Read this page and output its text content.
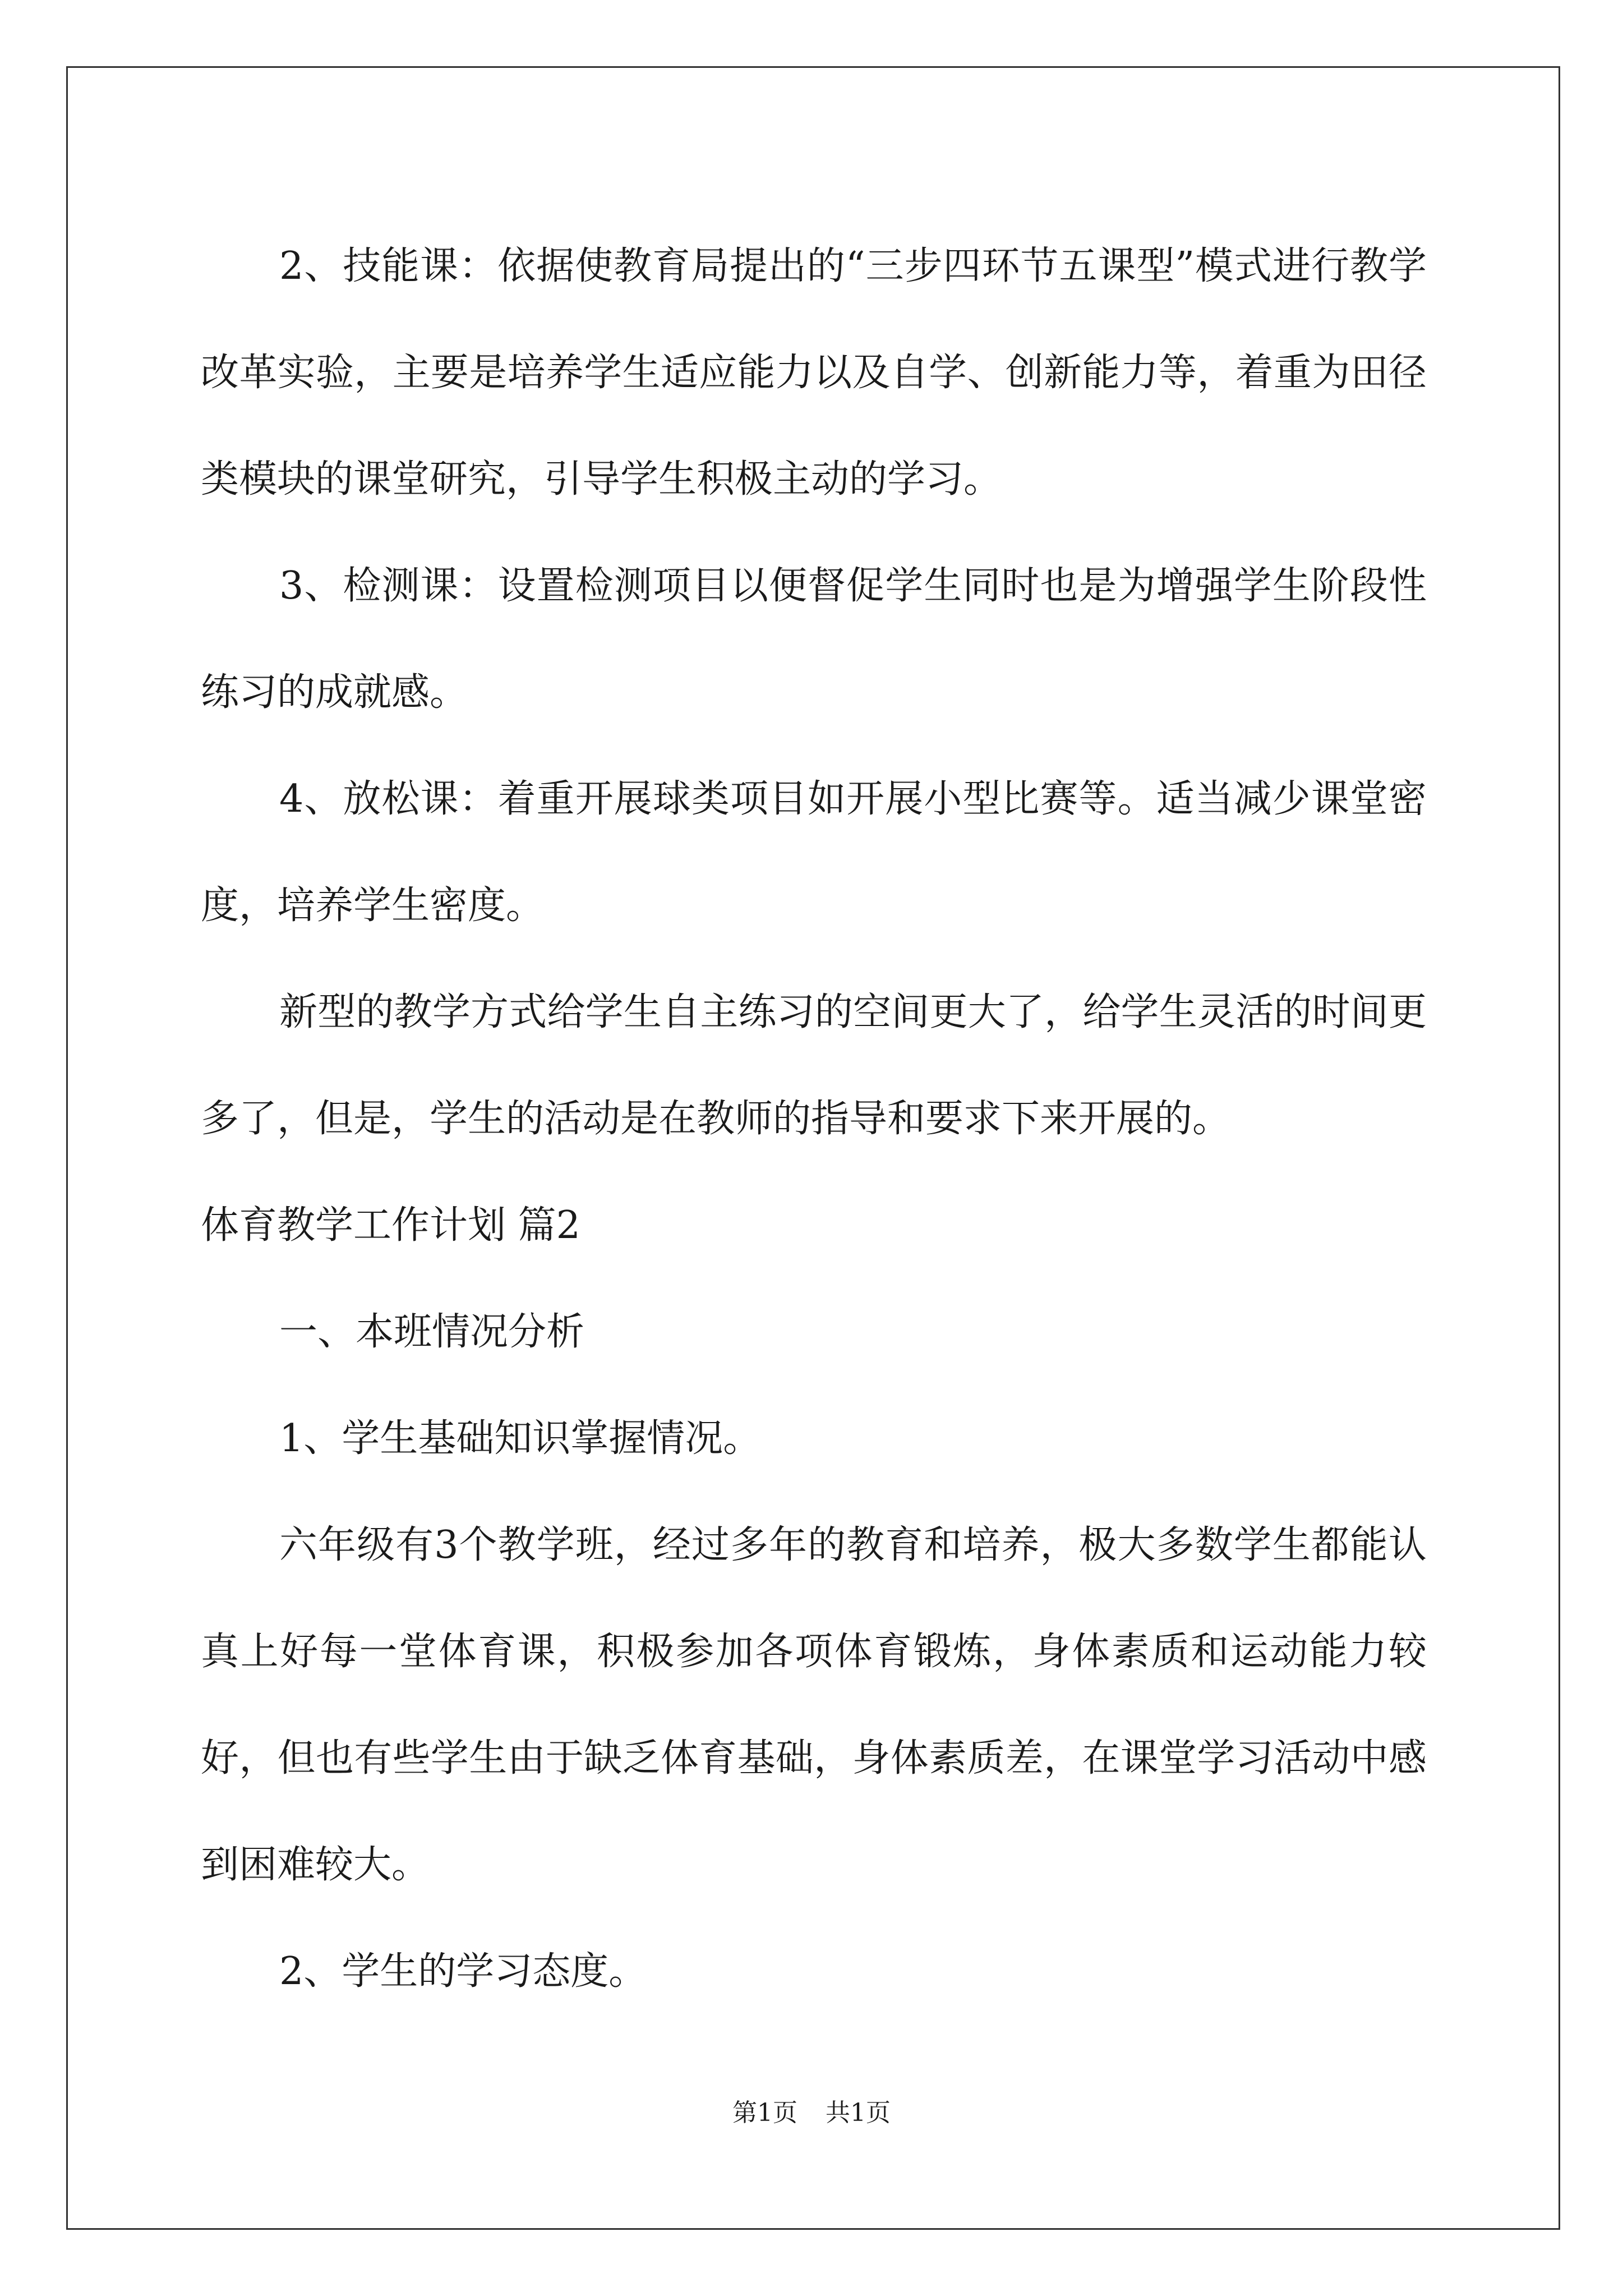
2、技能课：依据使教育局提出的“三步四环节五课型”模式进行教学改革实验，主要是培养学生适应能力以及自学、创新能力等，着重为田径类模块的课堂研究，引导学生积极主动的学习。

3、检测课：设置检测项目以便督促学生同时也是为增强学生阶段性练习的成就感。

4、放松课：着重开展球类项目如开展小型比赛等。适当减少课堂密度，培养学生密度。

新型的教学方式给学生自主练习的空间更大了，给学生灵活的时间更多了，但是，学生的活动是在教师的指导和要求下来开展的。

体育教学工作计划 篇2

一、本班情况分析

1、学生基础知识掌握情况。

六年级有3个教学班，经过多年的教育和培养，极大多数学生都能认真上好每一堂体育课，积极参加各项体育锻炼，身体素质和运动能力较好，但也有些学生由于缺乏体育基础，身体素质差，在课堂学习活动中感到困难较大。

2、学生的学习态度。

第1页 共1页
